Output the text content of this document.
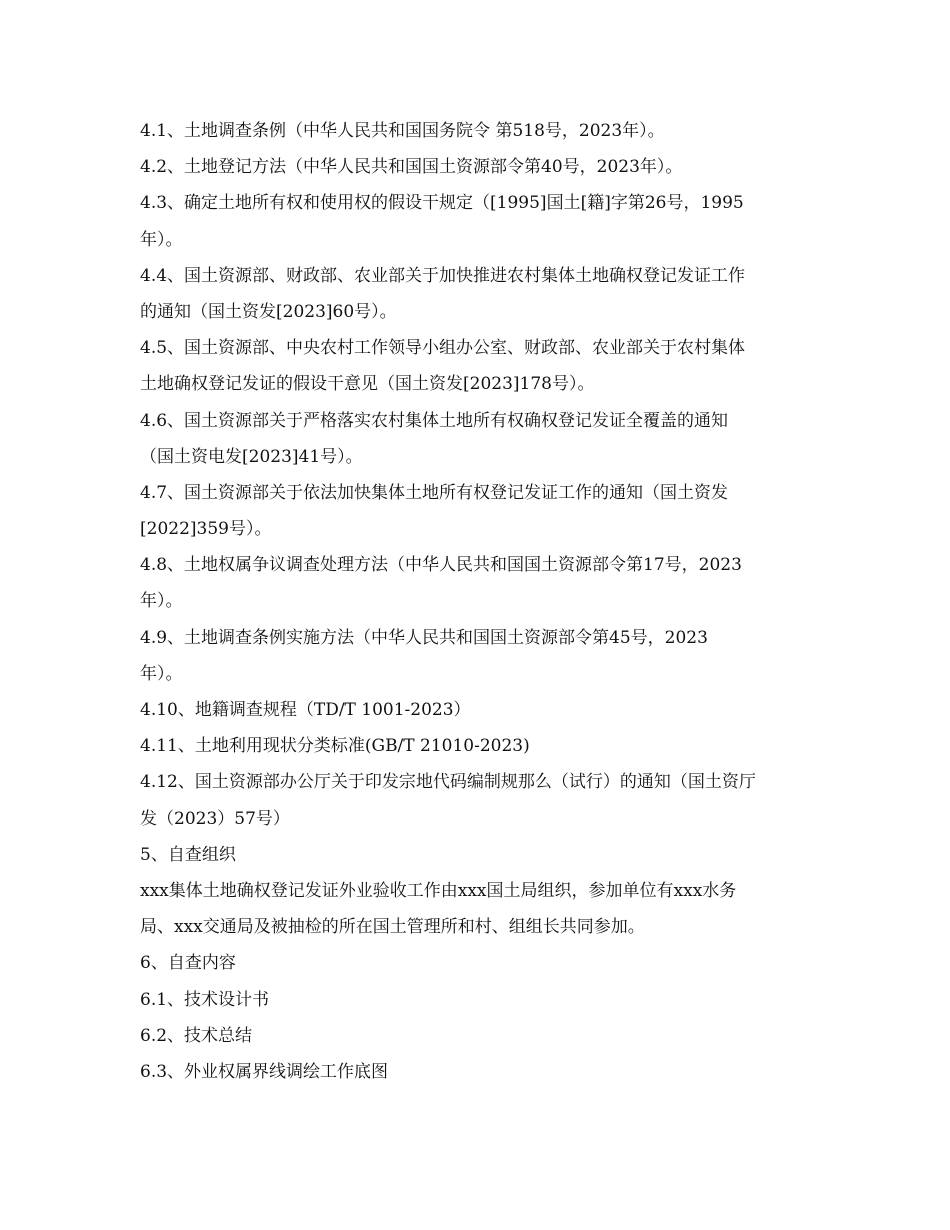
4.1、土地调查条例（中华人民共和国国务院令 第518号，2023年）。
4.2、土地登记方法（中华人民共和国国土资源部令第40号，2023年）。
4.3、确定土地所有权和使用权的假设干规定（[1995]国土[籍]字第26号，1995
年）。
4.4、国土资源部、财政部、农业部关于加快推进农村集体土地确权登记发证工作
的通知（国土资发[2023]60号）。
4.5、国土资源部、中央农村工作领导小组办公室、财政部、农业部关于农村集体
土地确权登记发证的假设干意见（国土资发[2023]178号）。
4.6、国土资源部关于严格落实农村集体土地所有权确权登记发证全覆盖的通知
（国土资电发[2023]41号）。
4.7、国土资源部关于依法加快集体土地所有权登记发证工作的通知（国土资发
[2022]359号）。
4.8、土地权属争议调查处理方法（中华人民共和国国土资源部令第17号，2023
年）。
4.9、土地调查条例实施方法（中华人民共和国国土资源部令第45号，2023
年）。
4.10、地籍调查规程（TD/T 1001-2023）
4.11、土地利用现状分类标准(GB/T 21010-2023)
4.12、国土资源部办公厅关于印发宗地代码编制规那么（试行）的通知（国土资厅
发（2023）57号）
5、自查组织
xxx集体土地确权登记发证外业验收工作由xxx国土局组织，参加单位有xxx水务
局、xxx交通局及被抽检的所在国土管理所和村、组组长共同参加。
6、自查内容
6.1、技术设计书
6.2、技术总结
6.3、外业权属界线调绘工作底图
